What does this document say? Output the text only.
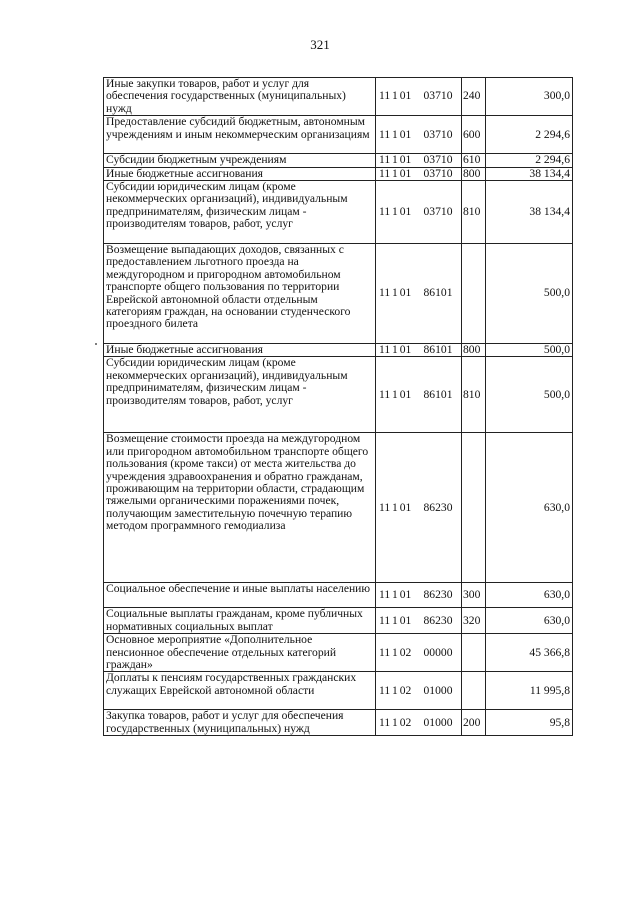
321
Иные закупки товаров, работ и услуг для обеспечения государственных (муниципальных) нужд	11 1 01	03710	240	300,0
Предоставление субсидий бюджетным, автономным учреждениям и иным некоммерческим организациям	11 1 01	03710	600	2 294,6
Субсидии бюджетным учреждениям	11 1 01	03710	610	2 294,6
Иные бюджетные ассигнования	11 1 01	03710	800	38 134,4
Субсидии юридическим лицам (кроме некоммерческих организаций), индивидуальным предпринимателям, физическим лицам - производителям товаров, работ, услуг	11 1 01	03710	810	38 134,4
Возмещение выпадающих доходов, связанных с предоставлением льготного проезда на междугородном и пригородном автомобильном транспорте общего пользования по территории Еврейской автономной области отдельным категориям граждан, на основании студенческого проездного билета	11 1 01	86101		500,0
Иные бюджетные ассигнования	11 1 01	86101	800	500,0
Субсидии юридическим лицам (кроме некоммерческих организаций), индивидуальным предпринимателям, физическим лицам - производителям товаров, работ, услуг	11 1 01	86101	810	500,0
Возмещение стоимости проезда на междугородном или пригородном автомобильном транспорте общего пользования (кроме такси) от места жительства до учреждения здравоохранения и обратно гражданам, проживающим на территории области, страдающим тяжелыми органическими поражениями почек, получающим заместительную почечную терапию методом программного гемодиализа	11 1 01	86230		630,0
Социальное обеспечение и иные выплаты населению	11 1 01	86230	300	630,0
Социальные выплаты гражданам, кроме публичных нормативных социальных выплат	11 1 01	86230	320	630,0
Основное мероприятие «Дополнительное пенсионное обеспечение отдельных категорий граждан»	11 1 02	00000		45 366,8
Доплаты к пенсиям государственных гражданских служащих Еврейской автономной области	11 1 02	01000		11 995,8
Закупка товаров, работ и услуг для обеспечения государственных (муниципальных) нужд	11 1 02	01000	200	95,8
